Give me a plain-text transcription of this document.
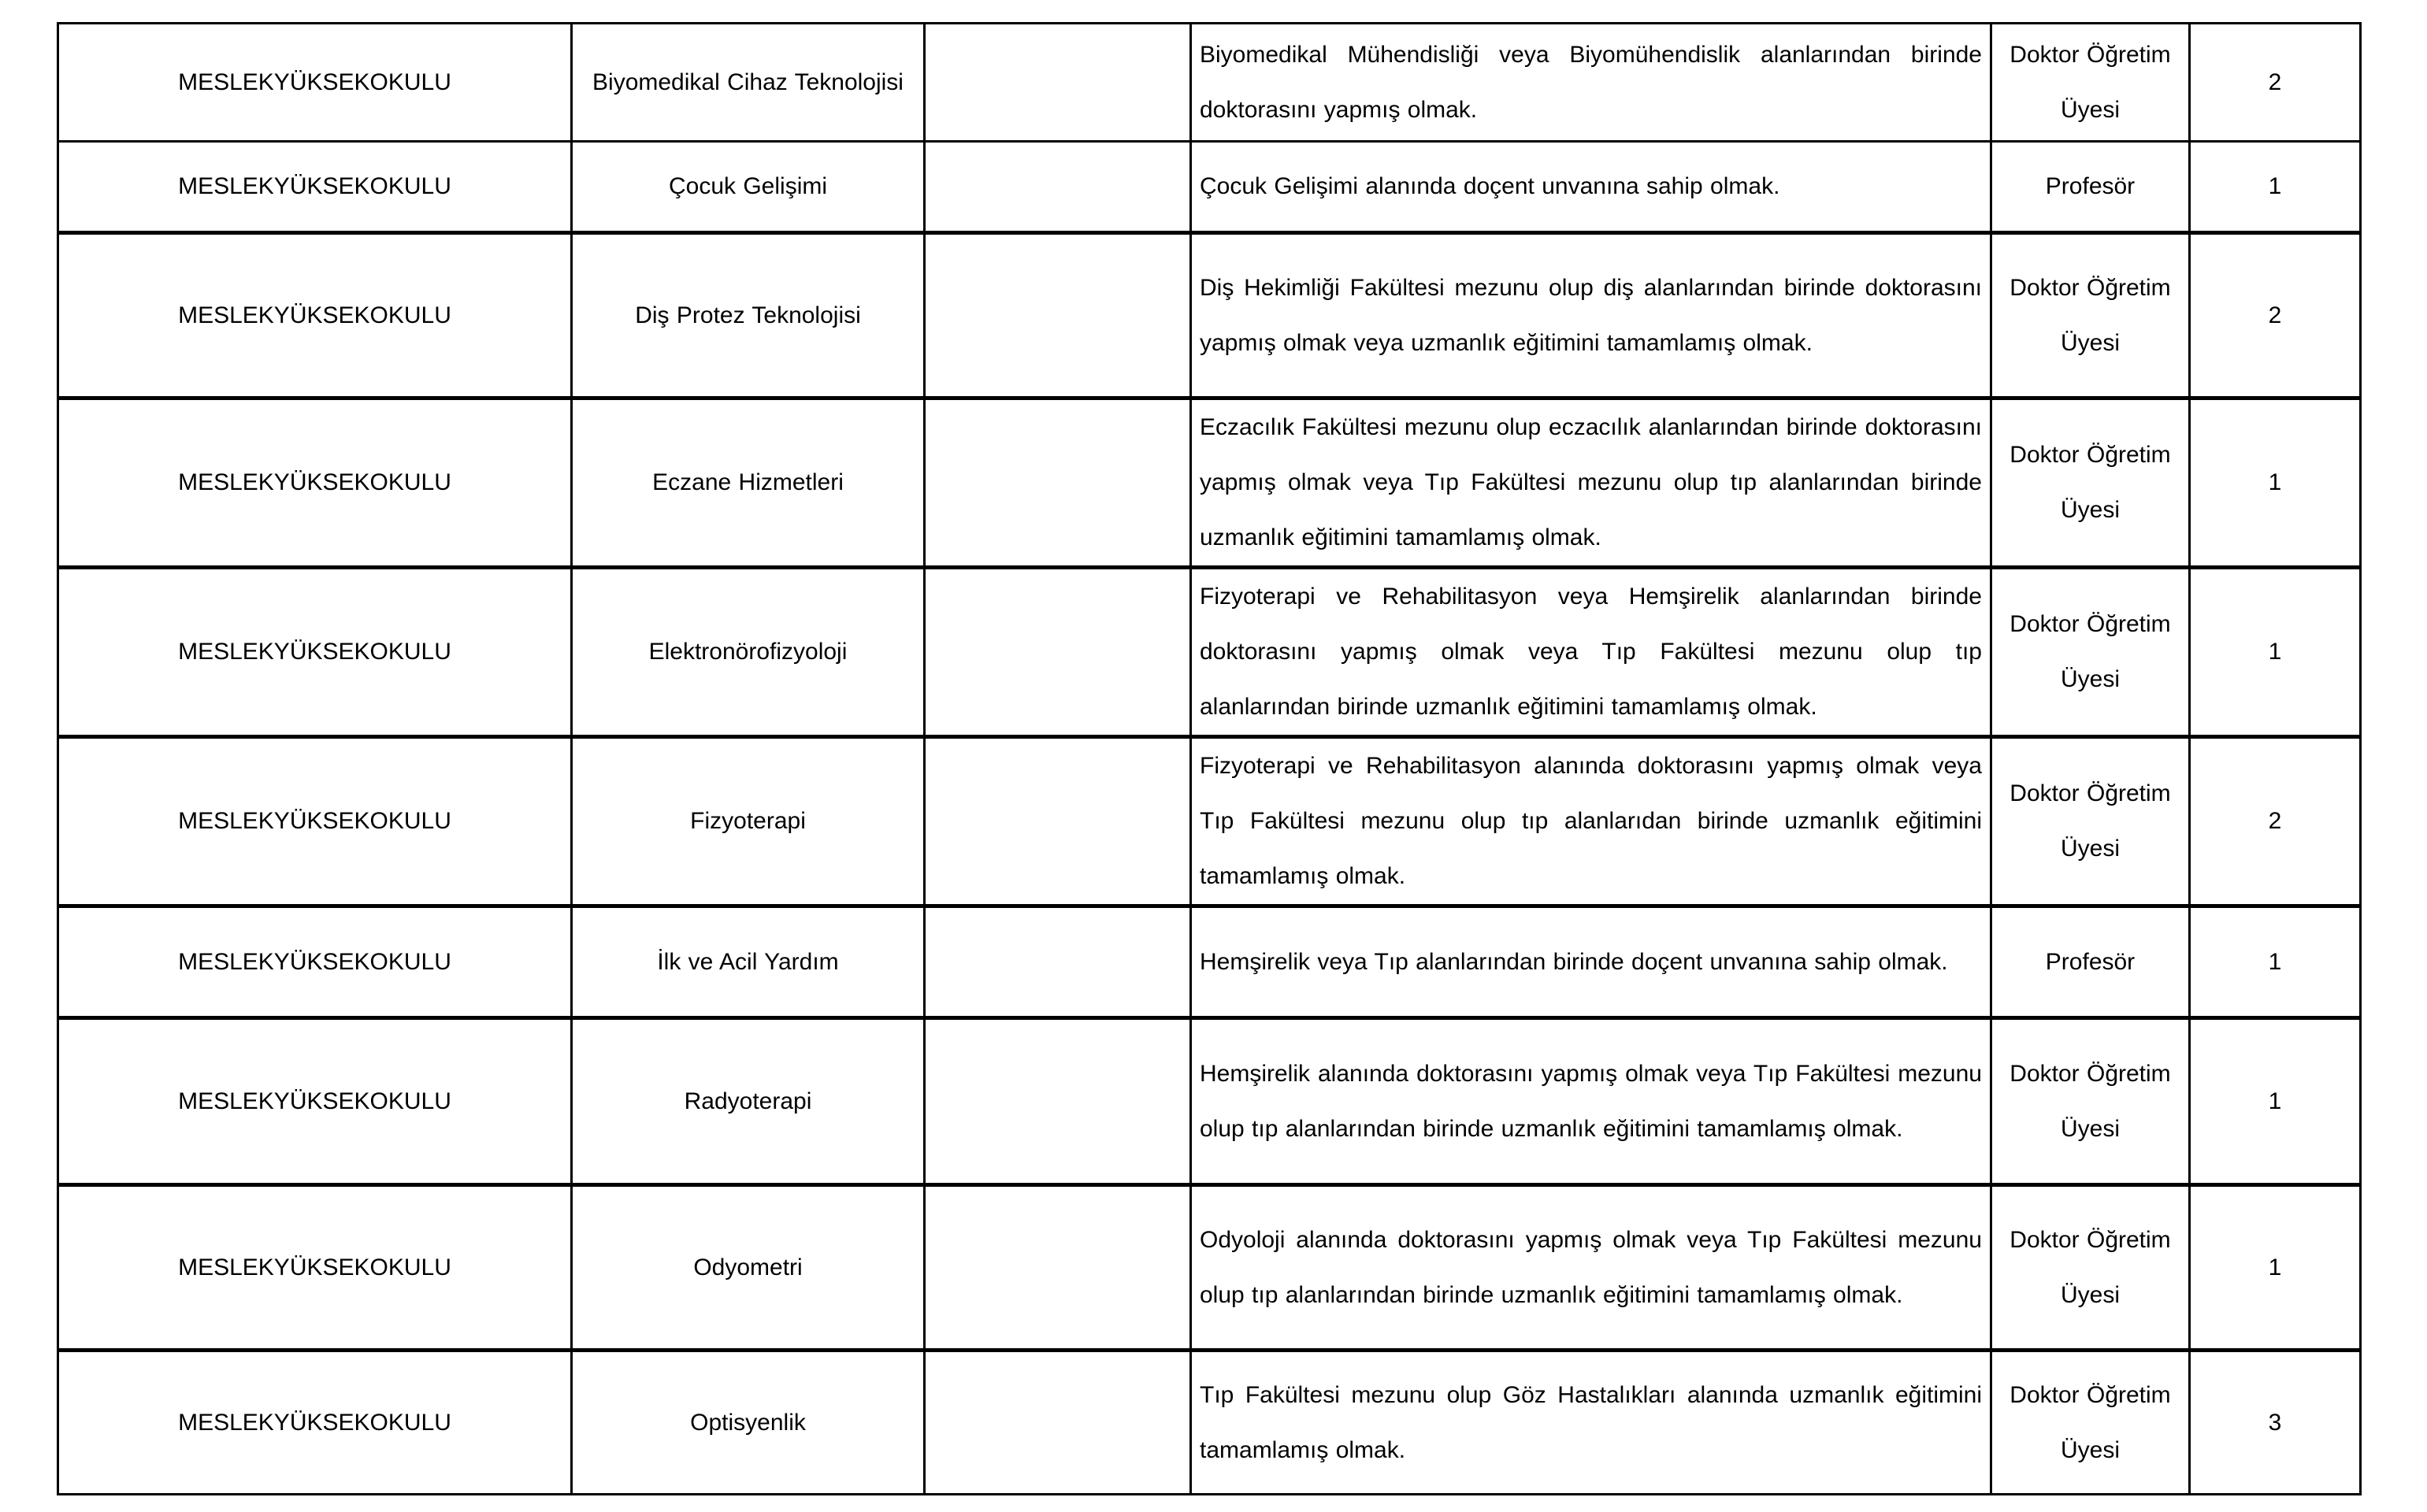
MESLEKYÜKSEKOKULU	Biyomedikal Cihaz Teknolojisi		Biyomedikal Mühendisliği veya Biyomühendislik alanlarından birinde doktorasını yapmış olmak.	Doktor Öğretim Üyesi	2
MESLEKYÜKSEKOKULU	Çocuk Gelişimi		Çocuk Gelişimi alanında doçent unvanına sahip olmak.	Profesör	1
MESLEKYÜKSEKOKULU	Diş Protez Teknolojisi		Diş Hekimliği Fakültesi mezunu olup diş alanlarından birinde doktorasını yapmış olmak veya uzmanlık eğitimini tamamlamış olmak.	Doktor Öğretim Üyesi	2
MESLEKYÜKSEKOKULU	Eczane Hizmetleri		Eczacılık Fakültesi mezunu olup eczacılık alanlarından birinde doktorasını yapmış olmak veya Tıp Fakültesi mezunu olup tıp alanlarından birinde uzmanlık eğitimini tamamlamış olmak.	Doktor Öğretim Üyesi	1
MESLEKYÜKSEKOKULU	Elektronörofizyoloji		Fizyoterapi ve Rehabilitasyon veya Hemşirelik alanlarından birinde doktorasını yapmış olmak veya Tıp Fakültesi mezunu olup tıp alanlarından birinde uzmanlık eğitimini tamamlamış olmak.	Doktor Öğretim Üyesi	1
MESLEKYÜKSEKOKULU	Fizyoterapi		Fizyoterapi ve Rehabilitasyon alanında doktorasını yapmış olmak veya Tıp Fakültesi mezunu olup tıp alanlarıdan birinde uzmanlık eğitimini tamamlamış olmak.	Doktor Öğretim Üyesi	2
MESLEKYÜKSEKOKULU	İlk ve Acil Yardım		Hemşirelik veya Tıp alanlarından birinde doçent unvanına sahip olmak.	Profesör	1
MESLEKYÜKSEKOKULU	Radyoterapi		Hemşirelik alanında doktorasını yapmış olmak veya Tıp Fakültesi mezunu olup tıp alanlarından birinde uzmanlık eğitimini tamamlamış olmak.	Doktor Öğretim Üyesi	1
MESLEKYÜKSEKOKULU	Odyometri		Odyoloji alanında doktorasını yapmış olmak veya Tıp Fakültesi mezunu olup tıp alanlarından birinde uzmanlık eğitimini tamamlamış olmak.	Doktor Öğretim Üyesi	1
MESLEKYÜKSEKOKULU	Optisyenlik		Tıp Fakültesi mezunu olup Göz Hastalıkları alanında uzmanlık eğitimini tamamlamış olmak.	Doktor Öğretim Üyesi	3
